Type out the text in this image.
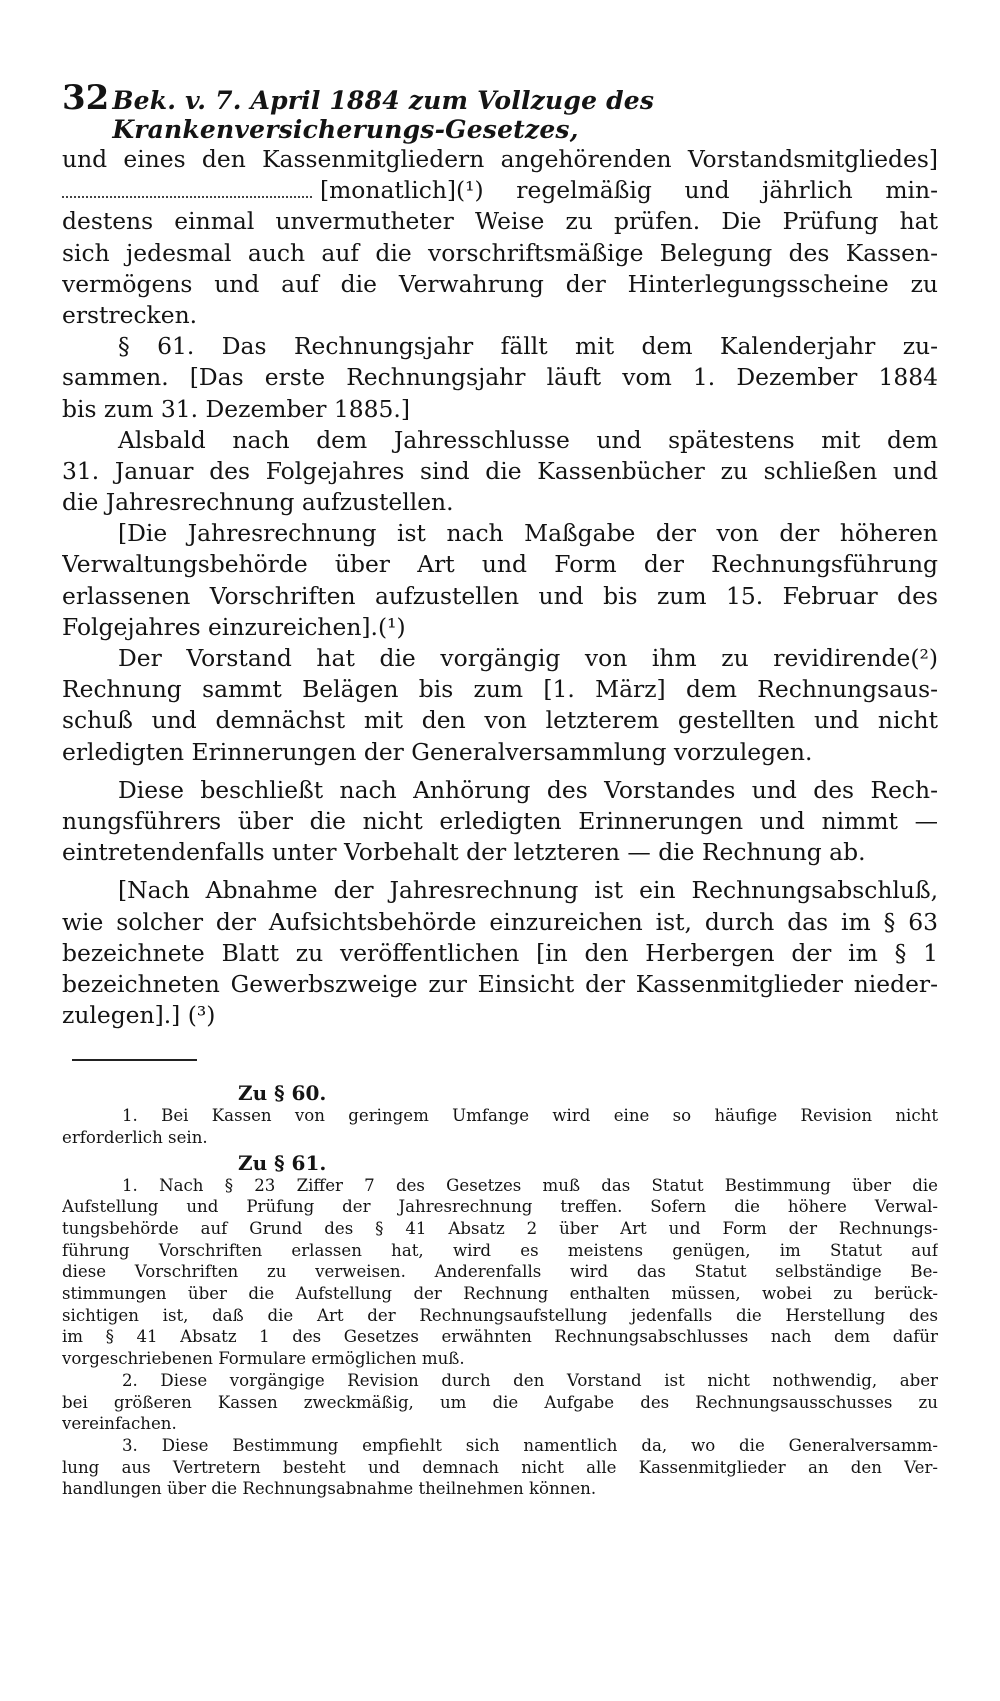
32 Bek. v. 7. April 1884 zum Vollzuge des Krankenversicherungs-Gesetzes,
und eines den Kassenmitgliedern angehörenden Vorstandsmitgliedes]
[monatlich](¹) regelmäßig und jährlich min-
destens einmal unvermutheter Weise zu prüfen. Die Prüfung hat
sich jedesmal auch auf die vorschriftsmäßige Belegung des Kassen-
vermögens und auf die Verwahrung der Hinterlegungsscheine zu
erstrecken.
§ 61. Das Rechnungsjahr fällt mit dem Kalenderjahr zu-
sammen. [Das erste Rechnungsjahr läuft vom 1. Dezember 1884
bis zum 31. Dezember 1885.]
Alsbald nach dem Jahresschlusse und spätestens mit dem
31. Januar des Folgejahres sind die Kassenbücher zu schließen und
die Jahresrechnung aufzustellen.
[Die Jahresrechnung ist nach Maßgabe der von der höheren
Verwaltungsbehörde über Art und Form der Rechnungsführung
erlassenen Vorschriften aufzustellen und bis zum 15. Februar des
Folgejahres einzureichen].(¹)
Der Vorstand hat die vorgängig von ihm zu revidirende(²)
Rechnung sammt Belägen bis zum [1. März] dem Rechnungsaus-
schuß und demnächst mit den von letzterem gestellten und nicht
erledigten Erinnerungen der Generalversammlung vorzulegen.
Diese beschließt nach Anhörung des Vorstandes und des Rech-
nungsführers über die nicht erledigten Erinnerungen und nimmt —
eintretendenfalls unter Vorbehalt der letzteren — die Rechnung ab.
[Nach Abnahme der Jahresrechnung ist ein Rechnungsabschluß,
wie solcher der Aufsichtsbehörde einzureichen ist, durch das im § 63
bezeichnete Blatt zu veröffentlichen [in den Herbergen der im § 1
bezeichneten Gewerbszweige zur Einsicht der Kassenmitglieder nieder-
zulegen].] (³)
Zu § 60.
1. Bei Kassen von geringem Umfange wird eine so häufige Revision nicht
erforderlich sein.
Zu § 61.
1. Nach § 23 Ziffer 7 des Gesetzes muß das Statut Bestimmung über die
Aufstellung und Prüfung der Jahresrechnung treffen. Sofern die höhere Verwal-
tungsbehörde auf Grund des § 41 Absatz 2 über Art und Form der Rechnungs-
führung Vorschriften erlassen hat, wird es meistens genügen, im Statut auf
diese Vorschriften zu verweisen. Anderenfalls wird das Statut selbständige Be-
stimmungen über die Aufstellung der Rechnung enthalten müssen, wobei zu berück-
sichtigen ist, daß die Art der Rechnungsaufstellung jedenfalls die Herstellung des
im § 41 Absatz 1 des Gesetzes erwähnten Rechnungsabschlusses nach dem dafür
vorgeschriebenen Formulare ermöglichen muß.
2. Diese vorgängige Revision durch den Vorstand ist nicht nothwendig, aber
bei größeren Kassen zweckmäßig, um die Aufgabe des Rechnungsausschusses zu
vereinfachen.
3. Diese Bestimmung empfiehlt sich namentlich da, wo die Generalversamm-
lung aus Vertretern besteht und demnach nicht alle Kassenmitglieder an den Ver-
handlungen über die Rechnungsabnahme theilnehmen können.
